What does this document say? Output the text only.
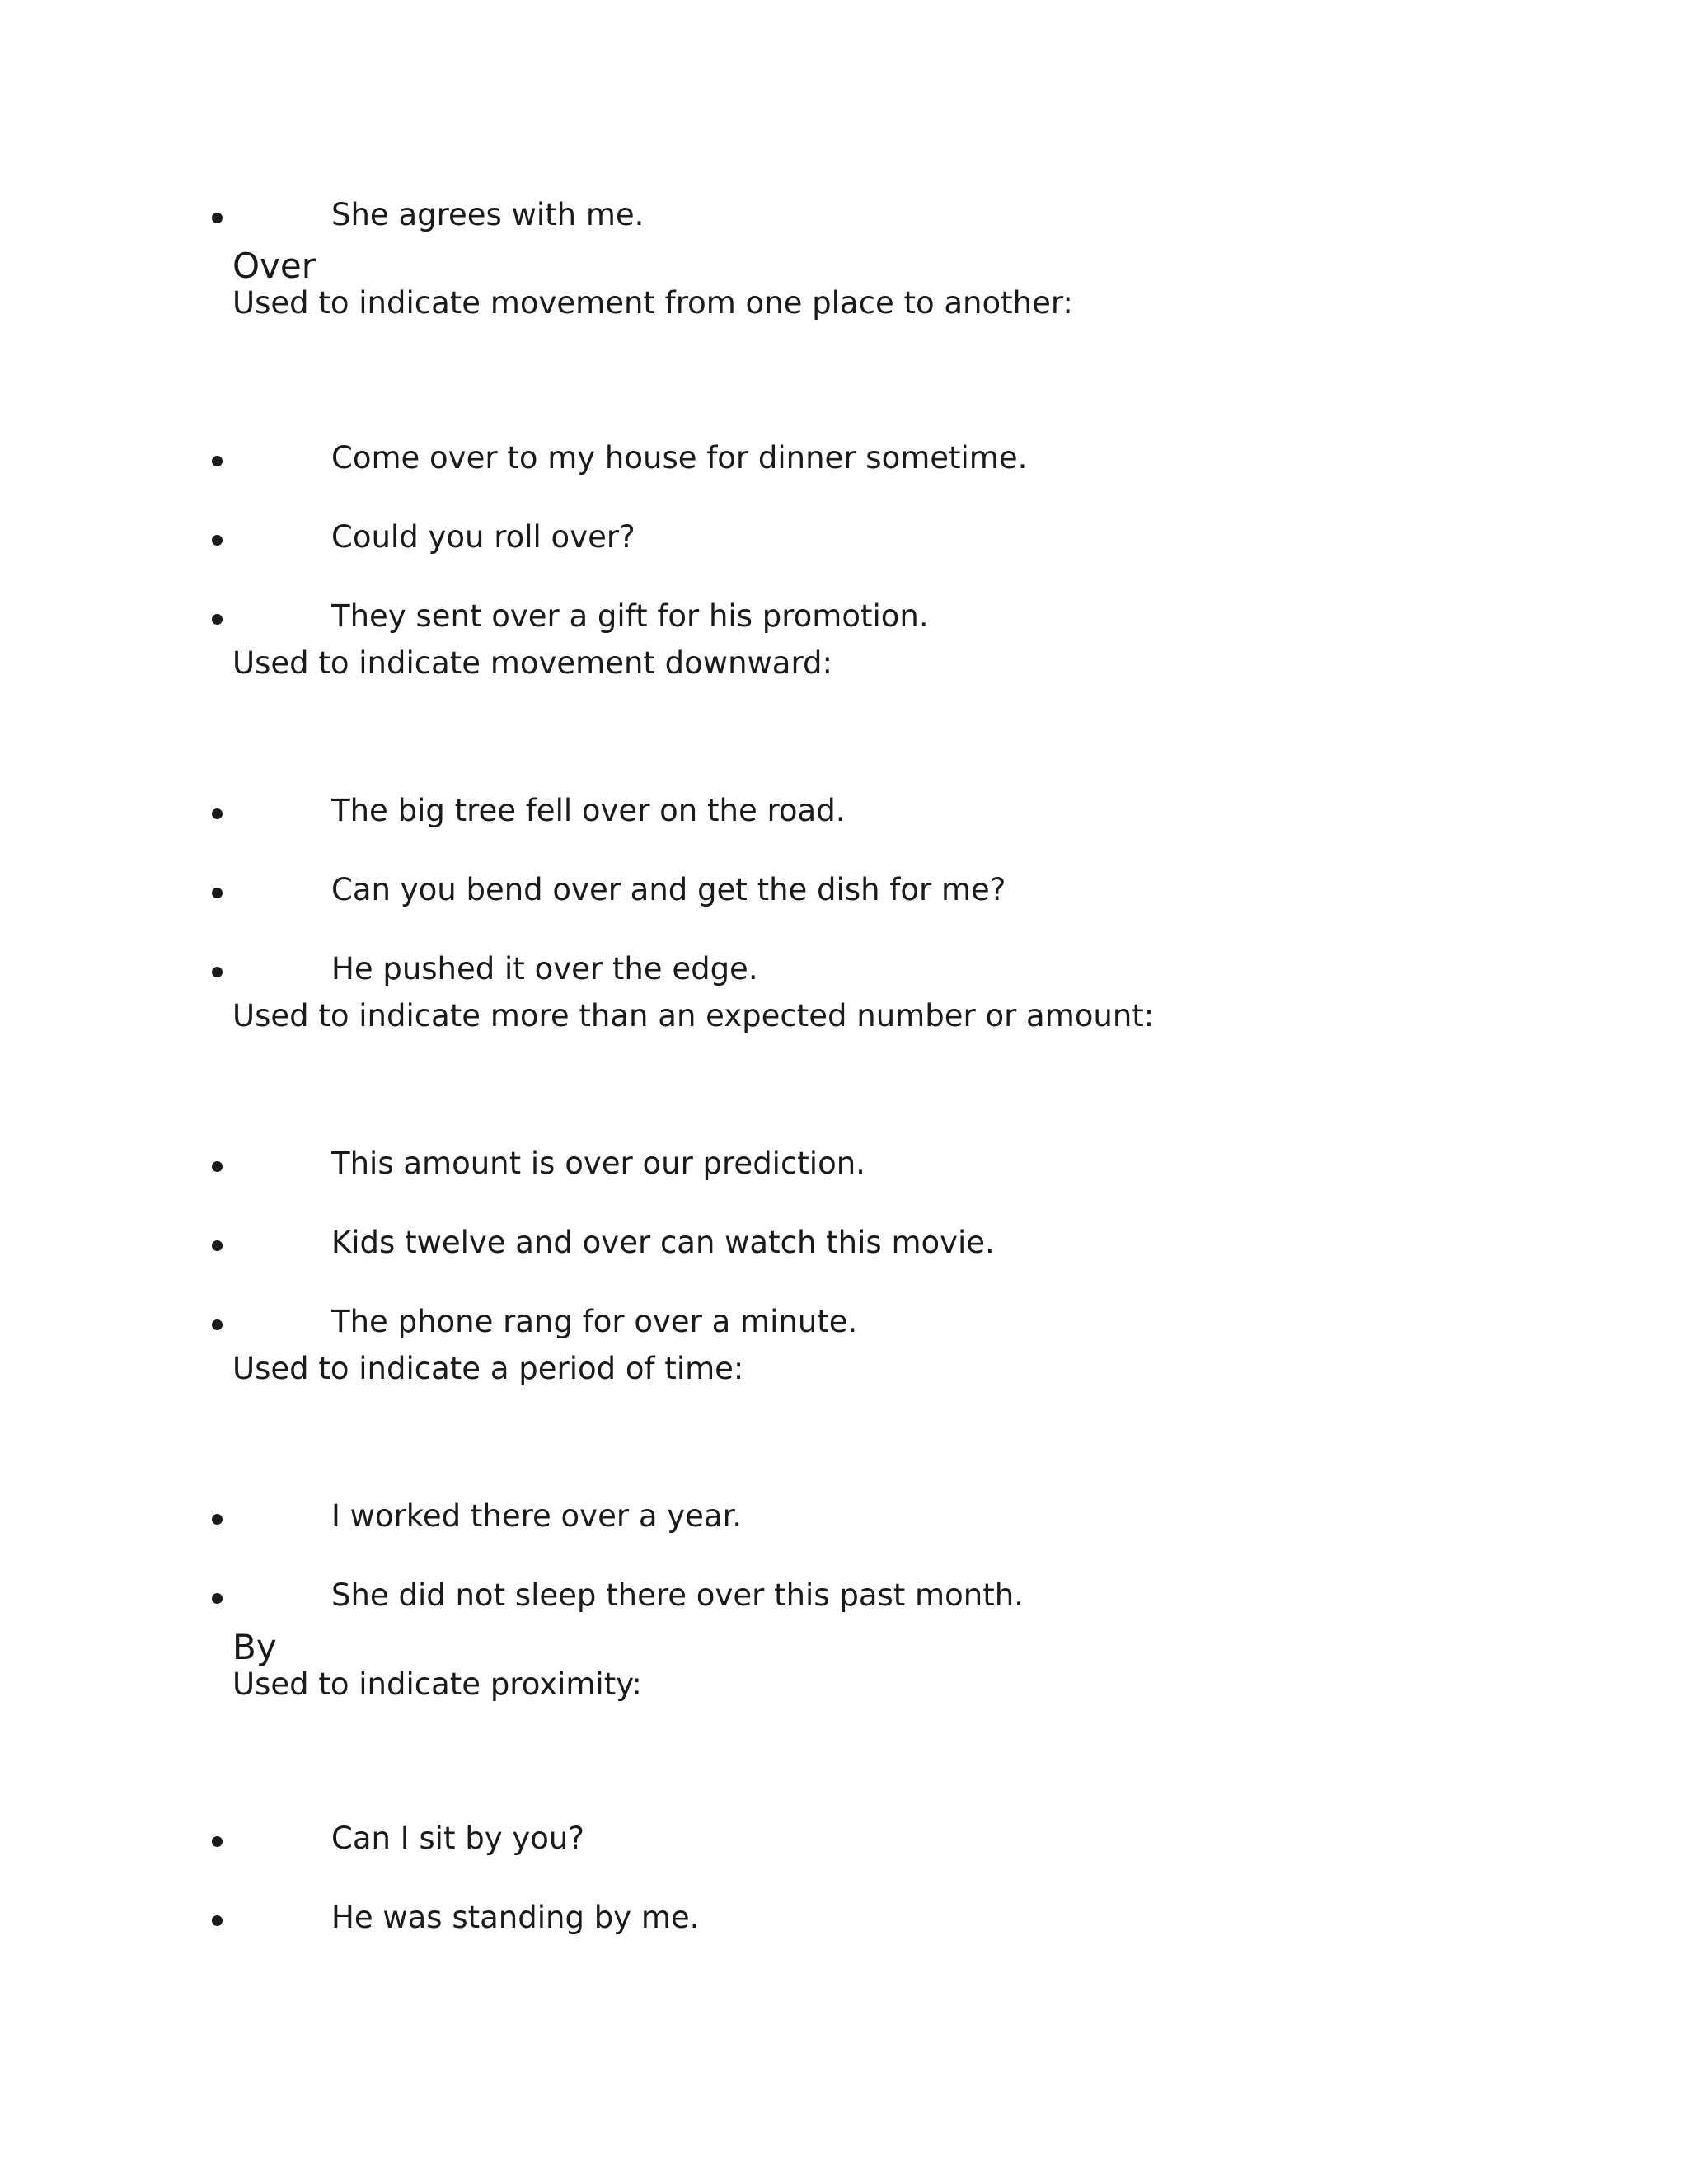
She agrees with me.
Over
Used to indicate movement from one place to another:
Come over to my house for dinner sometime.
Could you roll over?
They sent over a gift for his promotion.
Used to indicate movement downward:
The big tree fell over on the road.
Can you bend over and get the dish for me?
He pushed it over the edge.
Used to indicate more than an expected number or amount:
This amount is over our prediction.
Kids twelve and over can watch this movie.
The phone rang for over a minute.
Used to indicate a period of time:
I worked there over a year.
She did not sleep there over this past month.
By
Used to indicate proximity:
Can I sit by you?
He was standing by me.
